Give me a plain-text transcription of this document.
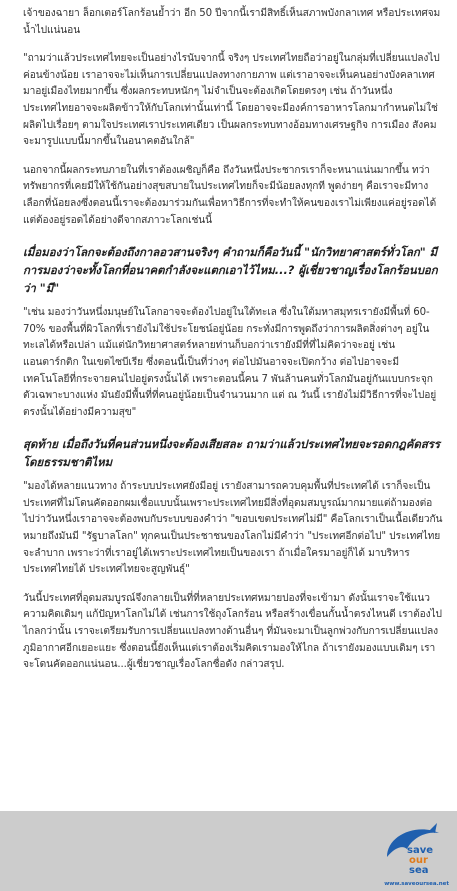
เจ้าของฉายา ล็อกเตอร์โลกร้อนย้ำว่า อีก 50 ปีจากนี้เรามีสิทธิ์เห็นสภาพบังกลาเทศ หรือประเทศจมน้ำไปแน่นอน

"ถามว่าแล้วประเทศไทยจะเป็นอย่างไรนับจากนี้ จริงๆ ประเทศไทยถือว่าอยู่ในกลุ่มที่เปลี่ยนแปลงไปค่อนข้างน้อย เราอาจจะไม่เห็นการเปลี่ยนแปลงทางกายภาพ แต่เราอาจจะเห็นคนอย่างบังคลาเทศมาอยู่เมืองไทยมากขึ้น ซึ่งผลกระทบหนักๆ ไม่จำเป็นจะต้องเกิดโดยตรงๆ เช่น ถ้าวันหนึ่งประเทศไทยอาจจะผลิตข้าวให้กับโลกเท่านั้นเท่านี้ โดยอาจจะมีองค์การอาหารโลกมากำหนดไม่ใช่ผลิตไปเรื่อยๆ ตามใจประเทศเราประเทศเดียว เป็นผลกระทบทางอ้อมทางเศรษฐกิจ การเมือง สังคม จะมารูปแบบนี้มากขึ้นในอนาคตอันใกล้"

นอกจากนี้ผลกระทบภายในที่เราต้องเผชิญก็คือ ถึงวันหนึ่งประชากรเราก็จะหนาแน่นมากขึ้น ทว่าทรัพยากรที่เคยมีให้ใช้กันอย่างสุขสบายในประเทศไทยก็จะมีน้อยลงทุกที พูดง่ายๆ คือเราจะมีทางเลือกที่น้อยลงซึ่งตอนนี้เราจะต้องมาร่วมกันเพื่อหาวิธีการที่จะทำให้คนของเราไม่เพียงแค่อยู่รอดได้ แต่ต้องอยู่รอดได้อย่างดีจากสภาวะโลกเช่นนี้

เมื่อมองว่าโลกจะต้องถึงกาลอวสานจริงๆ คำถามก็คือวันนี้ "นักวิทยาศาสตร์ทั่วโลก" มีการมองว่าจะทั้งโลกที่อนาคตกำลังจะแตกเอาไว้ไหม...? ผู้เชี่ยวชาญเรื่องโลกร้อนบอกว่า "มี"

"เช่น มองว่าวันหนึ่งมนุษย์ในโลกอาจจะต้องไปอยู่ในใต้ทะเล ซึ่งในใต้มหาสมุทรเรายังมีพื้นที่ 60-70% ของพื้นที่ผิวโลกที่เรายังไม่ใช้ประโยชน์อยู่น้อย กระทั่งมีการพูดถึงว่าการผลิตสิ่งต่างๆ อยู่ในทะเลได้หรือเปล่า แม้แต่นักวิทยาศาสตร์หลายท่านก็บอกว่าเรายังมีที่ที่ไม่คิดว่าจะอยู่ เช่น แอนตาร์กติก ในเขตไซบีเรีย ซึ่งตอนนี้เป็นที่ว่างๆ ต่อไปมันอาจจะเปิดกว้าง ต่อไปอาจจะมีเทคโนโลยีที่กระจายคนไปอยู่ตรงนั้นได้ เพราะตอนนี้คน 7 พันล้านคนทั่วโลกมันอยู่กันแบบกระจุกตัวเฉพาะบางแห่ง มันยังมีพื้นที่ที่คนอยู่น้อยเป็นจำนวนมาก แต่ ณ วันนี้ เรายังไม่มีวิธีการที่จะไปอยู่ตรงนั้นได้อย่างมีความสุข"

สุดท้าย เมื่อถึงวันที่คนส่วนหนึ่งจะต้องเสียสละ ถามว่าแล้วประเทศไทยจะรอดกฎคัดสรรโดยธรรมชาติไหม

"มองได้หลายแนวทาง ถ้าระบบประเทศยังมีอยู่ เรายังสามารถควบคุมพื้นที่ประเทศได้ เราก็จะเป็นประเทศที่ไม่โดนคัดออกผมเชื่อแบบนั้นเพราะประเทศไทยมีสิ่งที่อุดมสมบูรณ์มากมายแต่ถ้ามองต่อไปว่าวันหนึ่งเราอาจจะต้องพบกับระบบของคำว่า "ขอบเขตประเทศไม่มี" คือโลกเราเป็นเนื้อเดียวกัน หมายถึงมันมี "รัฐบาลโลก" ทุกคนเป็นประชาชนของโลกไม่มีคำว่า "ประเทศอีกต่อไป" ประเทศไทยจะลำบาก เพราะว่าที่เราอยู่ได้เพราะประเทศไทยเป็นของเรา ถ้าเมื่อใครมาอยู่ก็ได้ มาบริหารประเทศไทยได้ ประเทศไทยจะสูญพันธุ์"

วันนี้ประเทศที่อุดมสมบูรณ์จึงกลายเป็นที่ที่หลายประเทศหมายปองที่จะเข้ามา ดังนั้นเราจะใช้แนวความคิดเดิมๆ แก้ปัญหาโลกไม่ได้ เช่นการใช้ถุงโลกร้อน หรือสร้างเขื่อนกั้นน้ำตรงไหนดี เราต้องไปไกลกว่านั้น เราจะเตรียมรับการเปลี่ยนแปลงทางด้านอื่นๆ ที่มันจะมาเป็นลูกพ่วงกับการเปลี่ยนแปลงภูมิอากาศอีกเยอะแยะ ซึ่งตอนนี้ยังเห็นแต่เราต้องเริ่มคิดเรามองให้ไกล ถ้าเรายังมองแบบเดิมๆ เราจะโดนคัดออกแน่นอน...ผู้เชี่ยวชาญเรื่องโลกชื่อดัง กล่าวสรุป.

save
our
sea
www.saveoursea.net
